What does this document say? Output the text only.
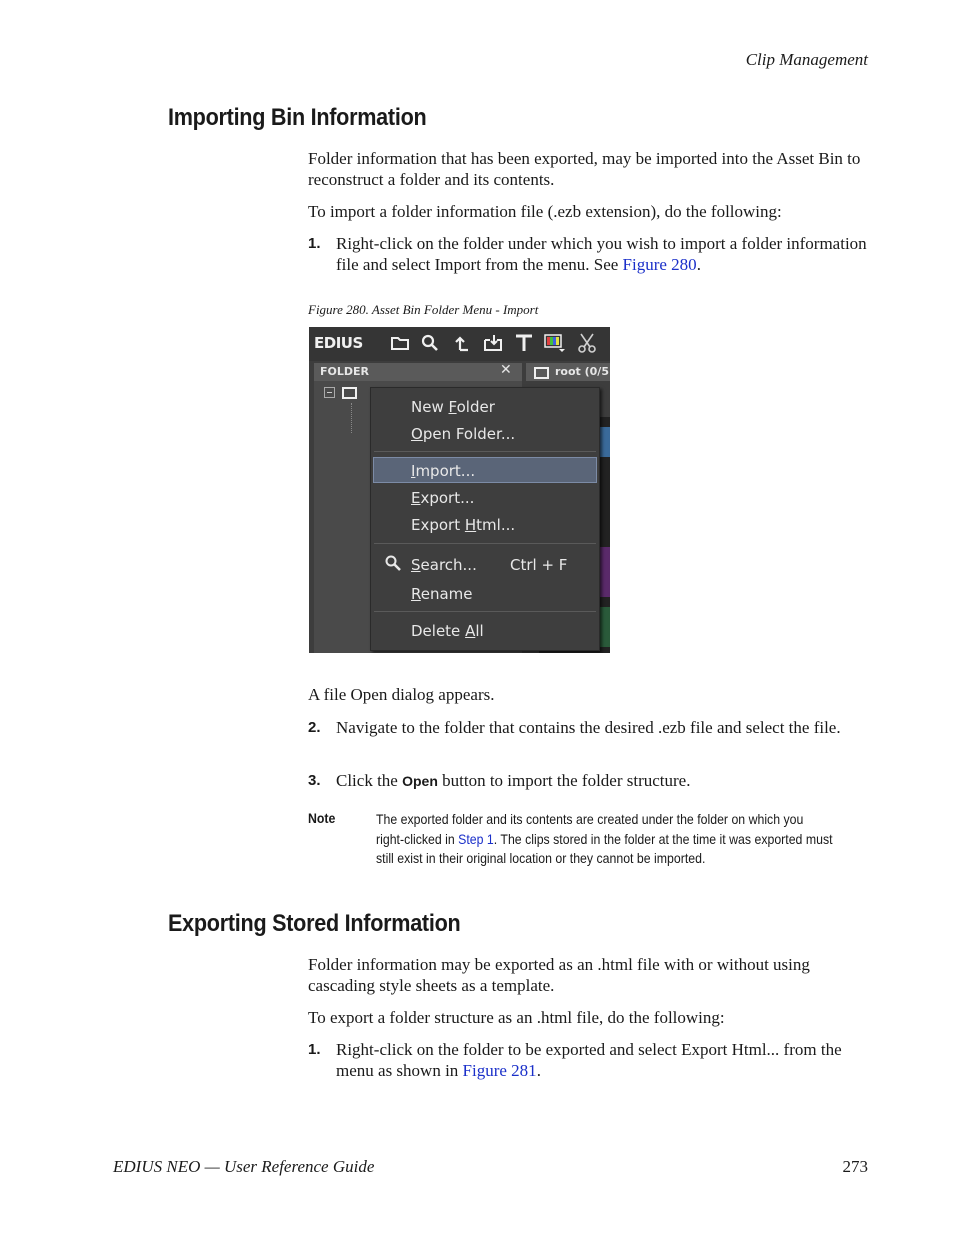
Clip Management
Importing Bin Information

Folder information that has been exported, may be imported into the Asset Bin to reconstruct a folder and its contents.

To import a folder information file (.ezb extension), do the following:

1. Right-click on the folder under which you wish to import a folder information file and select Import from the menu. See Figure 280.
Figure 280. Asset Bin Folder Menu - Import
EDIUS
FOLDER	✕	root (0/5
New Folder
Open Folder...
Import...
Export...
Export Html...
Search... Ctrl + F
Rename
Delete All

A file Open dialog appears.

2. Navigate to the folder that contains the desired .ezb file and select the file.
3. Click the Open button to import the folder structure.
Note	The exported folder and its contents are created under the folder on which you right-clicked in Step 1. The clips stored in the folder at the time it was exported must still exist in their original location or they cannot be imported.
Exporting Stored Information

Folder information may be exported as an .html file with or without using cascading style sheets as a template.

To export a folder structure as an .html file, do the following:

1. Right-click on the folder to be exported and select Export Html... from the menu as shown in Figure 281.
EDIUS NEO — User Reference Guide	273
